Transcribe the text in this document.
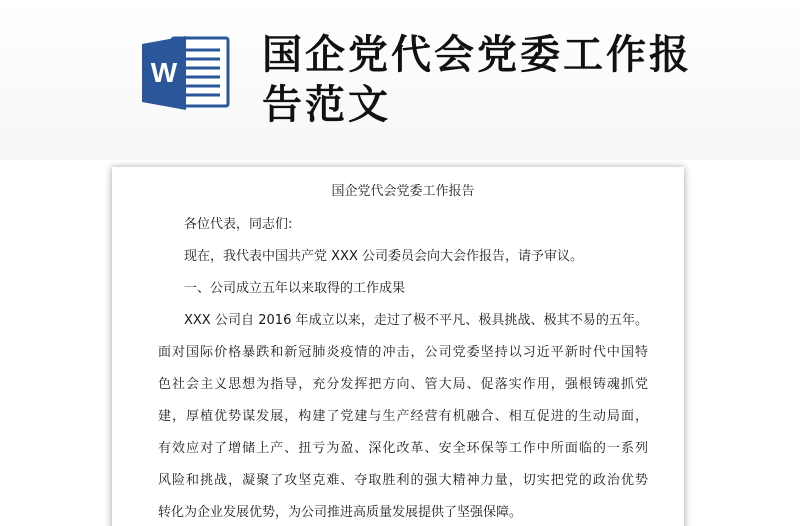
W 国企党代会党委工作报告范文
国企党代会党委工作报告
各位代表，同志们:
现在，我代表中国共产党 XXX 公司委员会向大会作报告，请予审议。
一、公司成立五年以来取得的工作成果
XXX 公司自 2016 年成立以来，走过了极不平凡、极具挑战、极其不易的五年。
面对国际价格暴跌和新冠肺炎疫情的冲击，公司党委坚持以习近平新时代中国特
色社会主义思想为指导，充分发挥把方向、管大局、促落实作用，强根铸魂抓党
建，厚植优势谋发展，构建了党建与生产经营有机融合、相互促进的生动局面，
有效应对了增储上产、扭亏为盈、深化改革、安全环保等工作中所面临的一系列
风险和挑战，凝聚了攻坚克难、夺取胜利的强大精神力量，切实把党的政治优势
转化为企业发展优势，为公司推进高质量发展提供了坚强保障。
